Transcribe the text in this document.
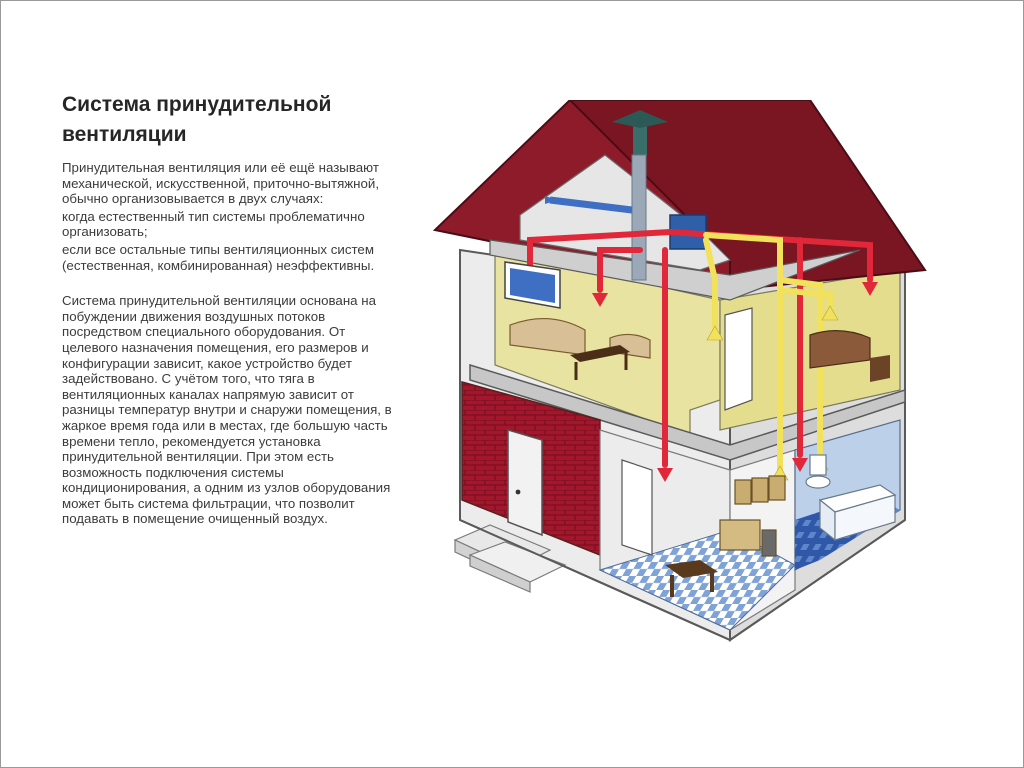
Система принудительной
вентиляции

Принудительная вентиляция или её ещё называют механической, искусственной, приточно-вытяжной, обычно организовывается в двух случаях:

когда естественный тип системы проблематично организовать;

если все остальные типы вентиляционных систем (естественная, комбинированная) неэффективны.

Система принудительной вентиляции основана на побуждении движения воздушных потоков посредством специального оборудования. От целевого назначения помещения, его размеров и конфигурации зависит, какое устройство будет задействовано. С учётом того, что тяга в вентиляционных каналах напрямую зависит от разницы температур внутри и снаружи помещения, в жаркое время года или в местах, где большую часть времени тепло, рекомендуется установка принудительной вентиляции. При этом есть возможность подключения системы кондиционирования, а одним из узлов оборудования может быть система фильтрации, что позволит подавать в помещение очищенный воздух.
